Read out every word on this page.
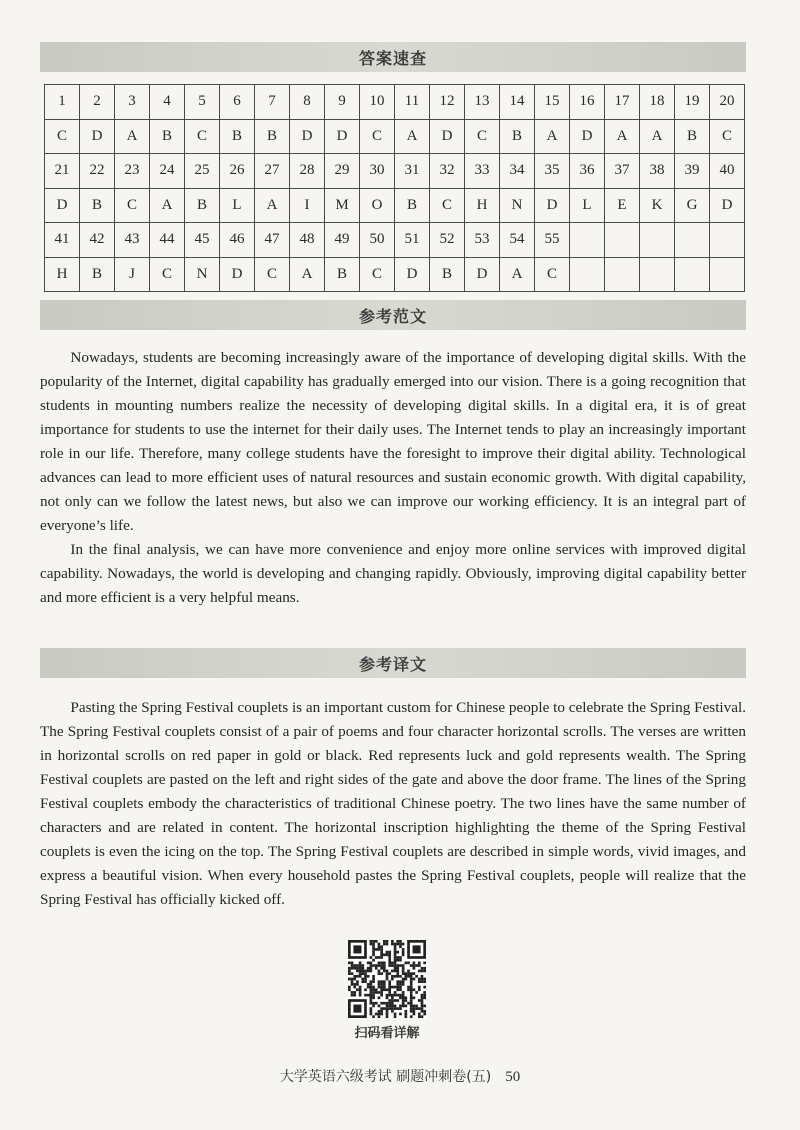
答案速查
1	2	3	4	5	6	7	8	9	10	11	12	13	14	15	16	17	18	19	20
C	D	A	B	C	B	B	D	D	C	A	D	C	B	A	D	A	A	B	C
21	22	23	24	25	26	27	28	29	30	31	32	33	34	35	36	37	38	39	40
D	B	C	A	B	L	A	I	M	O	B	C	H	N	D	L	E	K	G	D
41	42	43	44	45	46	47	48	49	50	51	52	53	54	55					
H	B	J	C	N	D	C	A	B	C	D	B	D	A	C					
参考范文

Nowadays, students are becoming increasingly aware of the importance of developing digital skills. With the popularity of the Internet, digital capability has gradually emerged into our vision. There is a going recognition that students in mounting numbers realize the necessity of developing digital skills. In a digital era, it is of great importance for students to use the internet for their daily uses. The Internet tends to play an increasingly important role in our life. Therefore, many college students have the foresight to improve their digital ability. Technological advances can lead to more efficient uses of natural resources and sustain economic growth. With digital capability, not only can we follow the latest news, but also we can improve our working efficiency. It is an integral part of everyone’s life.

In the final analysis, we can have more convenience and enjoy more online services with improved digital capability. Nowadays, the world is developing and changing rapidly. Obviously, improving digital capability better and more efficient is a very helpful means.

参考译文

Pasting the Spring Festival couplets is an important custom for Chinese people to celebrate the Spring Festival. The Spring Festival couplets consist of a pair of poems and four character horizontal scrolls. The verses are written in horizontal scrolls on red paper in gold or black. Red represents luck and gold represents wealth. The Spring Festival couplets are pasted on the left and right sides of the gate and above the door frame. The lines of the Spring Festival couplets embody the characteristics of traditional Chinese poetry. The two lines have the same number of characters and are related in content. The horizontal inscription highlighting the theme of the Spring Festival couplets is even the icing on the top. The Spring Festival couplets are described in simple words, vivid images, and express a beautiful vision. When every household pastes the Spring Festival couplets, people will realize that the Spring Festival has officially kicked off.

扫码看详解
大学英语六级考试 刷题冲刺卷(五) 50
